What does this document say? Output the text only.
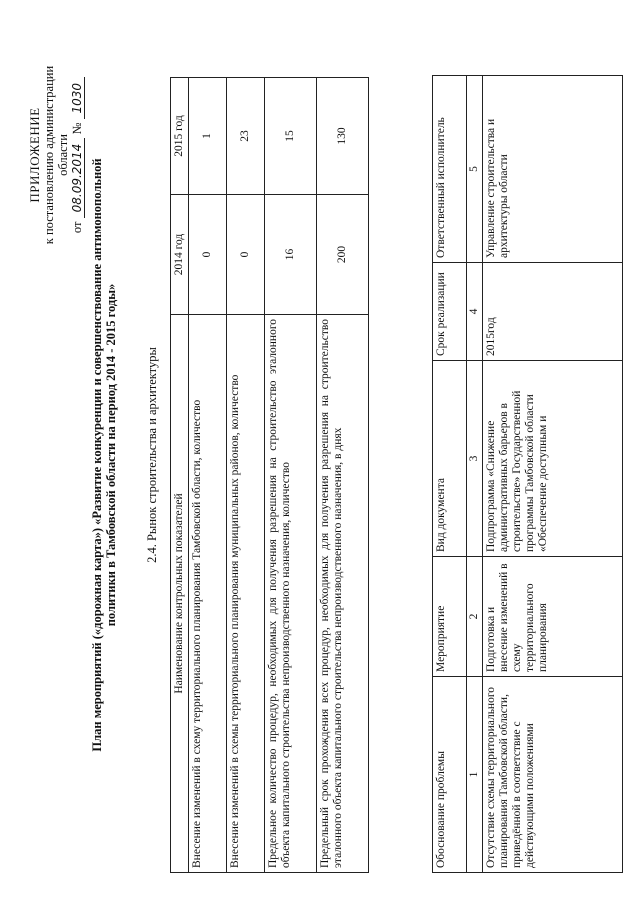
ПРИЛОЖЕНИЕ к постановлению администрации области
от 08.09.2014 № 1030
План мероприятий («дорожная карта») «Развитие конкуренции и совершенствование антимонопольной политики в Тамбовской области на период 2014 - 2015 годы» 2.4. Рынок строительства и архитектуры
Наименование контрольных показателей	2014 год	2015 год
Внесение изменений в схему территориального планирования Тамбовской области, количество	0	1
Внесение изменений в схемы территориального планирования муниципальных районов, количество	0	23
Предельное количество процедур, необходимых для получения разрешения на строительство эталонного объекта капитального строительства непроизводственного назначения, количество	16	15
Предельный срок прохождения всех процедур, необходимых для получения разрешения на строительство эталонного объекта капитального строительства непроизводственного назначения, в днях	200	130
Обоснование проблемы	Мероприятие	Вид документа	Срок реализации	Ответственный исполнитель
1	2	3	4	5
Отсутствие схемы территориального планирования Тамбовской области, приведённой в соответствие с действующими положениями	Подготовка и внесение изменений в схему территориального планирования	Подпрограмма «Снижение административных барьеров в строительстве» Государственной программы Тамбовской области «Обеспечение доступным и	2015год	Управление строительства и архитектуры области
